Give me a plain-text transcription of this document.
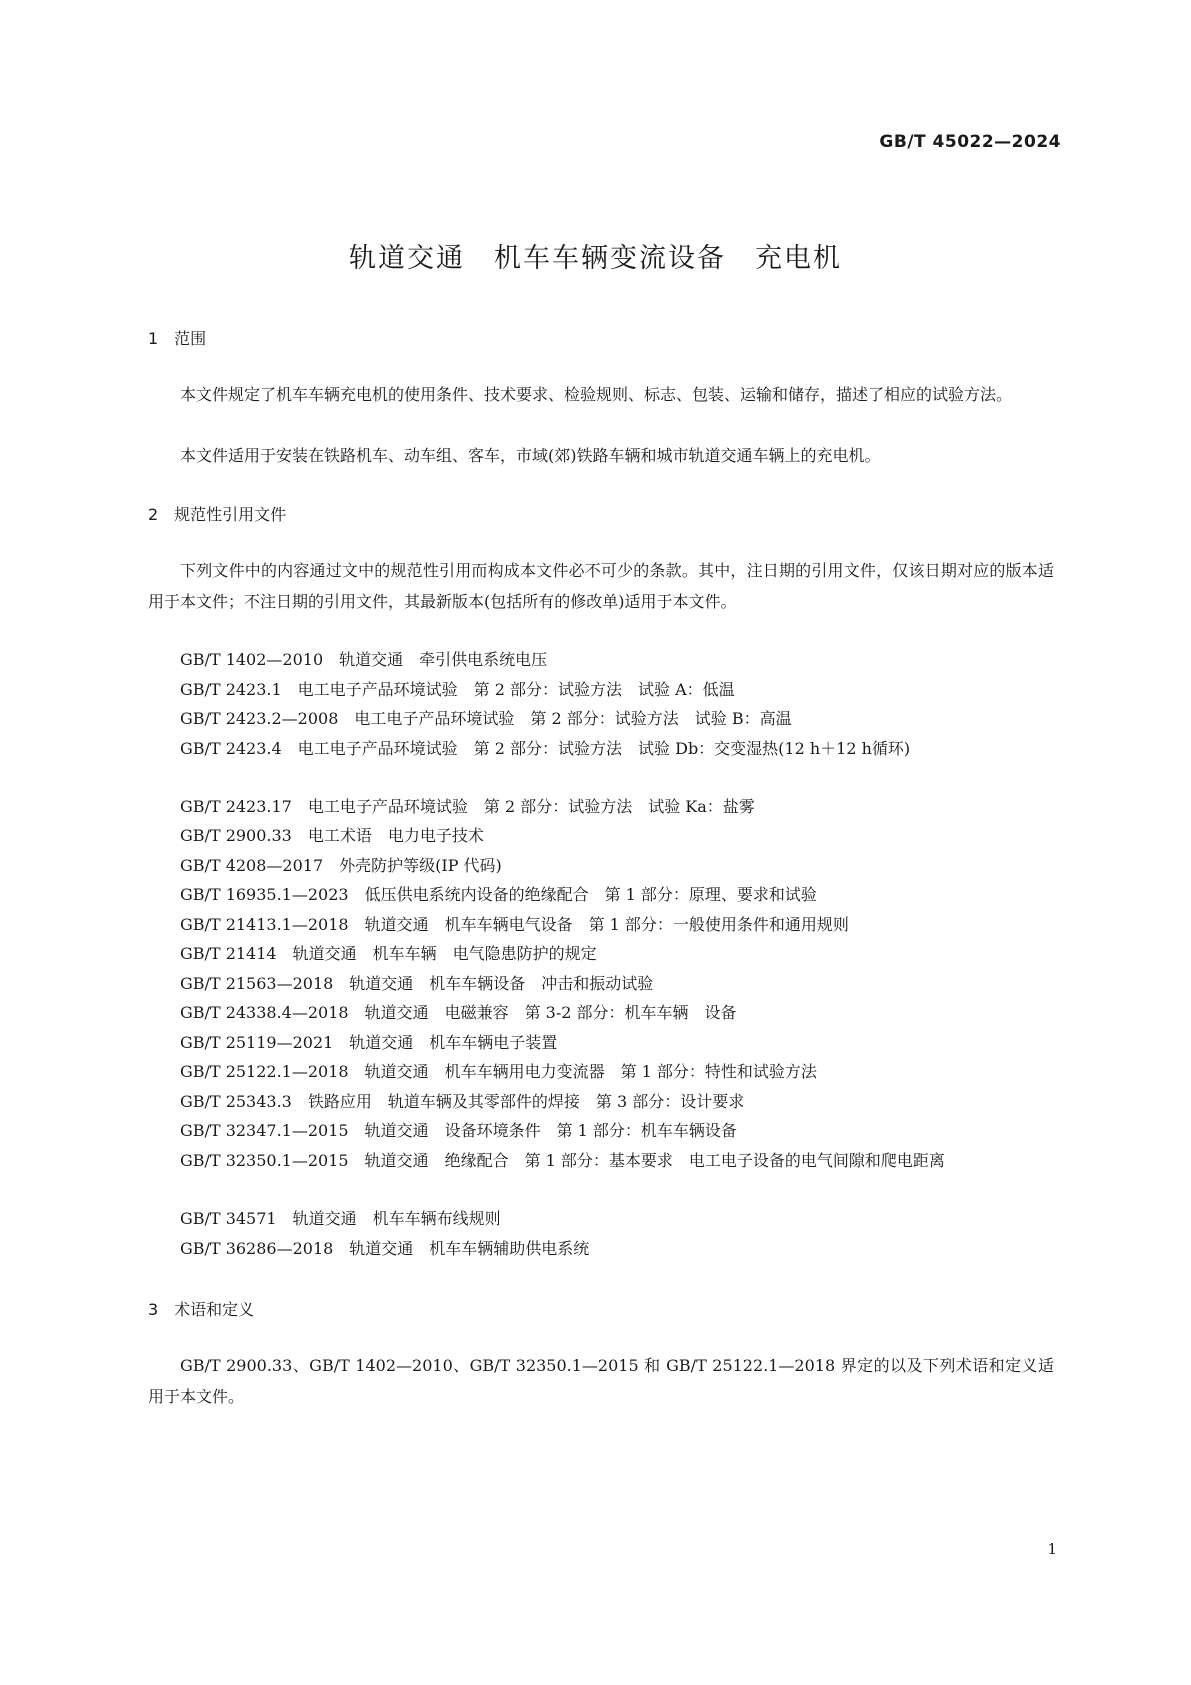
GB/T 45022—2024
轨道交通　机车车辆变流设备　充电机
1　范围
本文件规定了机车车辆充电机的使用条件、技术要求、检验规则、标志、包装、运输和储存，描述了相应的试验方法。
本文件适用于安装在铁路机车、动车组、客车，市域(郊)铁路车辆和城市轨道交通车辆上的充电机。
2　规范性引用文件
下列文件中的内容通过文中的规范性引用而构成本文件必不可少的条款。其中，注日期的引用文件，仅该日期对应的版本适用于本文件；不注日期的引用文件，其最新版本(包括所有的修改单)适用于本文件。
GB/T 1402—2010　轨道交通　牵引供电系统电压
GB/T 2423.1　电工电子产品环境试验　第 2 部分：试验方法　试验 A：低温
GB/T 2423.2—2008　电工电子产品环境试验　第 2 部分：试验方法　试验 B：高温
GB/T 2423.4　电工电子产品环境试验　第 2 部分：试验方法　试验 Db：交变湿热(12 h＋12 h循环)
GB/T 2423.17　电工电子产品环境试验　第 2 部分：试验方法　试验 Ka：盐雾
GB/T 2900.33　电工术语　电力电子技术
GB/T 4208—2017　外壳防护等级(IP 代码)
GB/T 16935.1—2023　低压供电系统内设备的绝缘配合　第 1 部分：原理、要求和试验
GB/T 21413.1—2018　轨道交通　机车车辆电气设备　第 1 部分：一般使用条件和通用规则
GB/T 21414　轨道交通　机车车辆　电气隐患防护的规定
GB/T 21563—2018　轨道交通　机车车辆设备　冲击和振动试验
GB/T 24338.4—2018　轨道交通　电磁兼容　第 3-2 部分：机车车辆　设备
GB/T 25119—2021　轨道交通　机车车辆电子装置
GB/T 25122.1—2018　轨道交通　机车车辆用电力变流器　第 1 部分：特性和试验方法
GB/T 25343.3　铁路应用　轨道车辆及其零部件的焊接　第 3 部分：设计要求
GB/T 32347.1—2015　轨道交通　设备环境条件　第 1 部分：机车车辆设备
GB/T 32350.1—2015　轨道交通　绝缘配合　第 1 部分：基本要求　电工电子设备的电气间隙和爬电距离
GB/T 34571　轨道交通　机车车辆布线规则
GB/T 36286—2018　轨道交通　机车车辆辅助供电系统
3　术语和定义
GB/T 2900.33、GB/T 1402—2010、GB/T 32350.1—2015 和 GB/T 25122.1—2018 界定的以及下列术语和定义适用于本文件。
1
